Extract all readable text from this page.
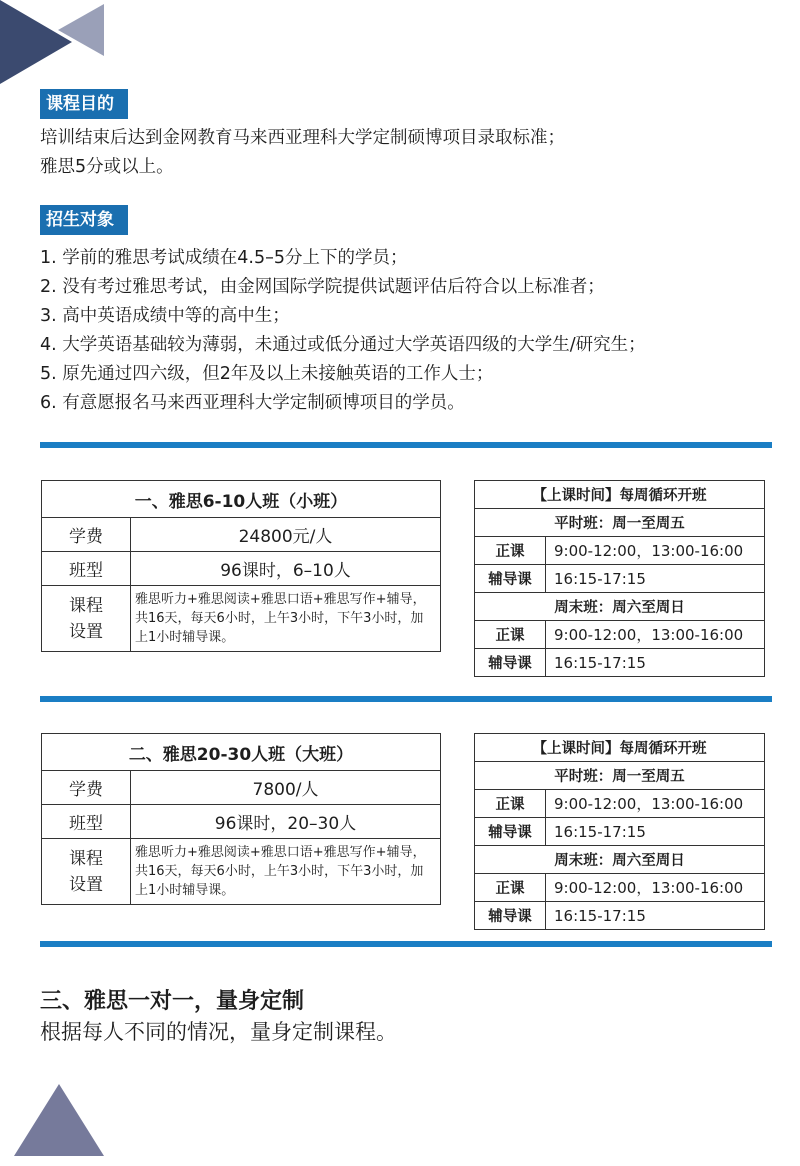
课程目的
培训结束后达到金网教育马来西亚理科大学定制硕博项目录取标准；
雅思5分或以上。
招生对象
1. 学前的雅思考试成绩在4.5–5分上下的学员；
2. 没有考过雅思考试，由金网国际学院提供试题评估后符合以上标准者；
3. 高中英语成绩中等的高中生；
4. 大学英语基础较为薄弱，未通过或低分通过大学英语四级的大学生/研究生；
5. 原先通过四六级，但2年及以上未接触英语的工作人士；
6. 有意愿报名马来西亚理科大学定制硕博项目的学员。
一、雅思6-10人班（小班）	
学费	24800元/人
班型	96课时，6–10人

课程
设置	雅思听力+雅思阅读+雅思口语+雅思写作+辅导，共16天，每天6小时，上午3小时，下午3小时，加上1小时辅导课。
【上课时间】每周循环开班	
平时班：周一至周五	
正课	9:00-12:00，13:00-16:00
辅导课	16:15-17:15
周末班：周六至周日	
正课	9:00-12:00，13:00-16:00
辅导课	16:15-17:15
二、雅思20-30人班（大班）	
学费	7800/人
班型	96课时，20–30人

课程
设置	雅思听力+雅思阅读+雅思口语+雅思写作+辅导，共16天，每天6小时，上午3小时，下午3小时，加上1小时辅导课。
【上课时间】每周循环开班	
平时班：周一至周五	
正课	9:00-12:00，13:00-16:00
辅导课	16:15-17:15
周末班：周六至周日	
正课	9:00-12:00，13:00-16:00
辅导课	16:15-17:15
三、雅思一对一，量身定制
根据每人不同的情况，量身定制课程。
